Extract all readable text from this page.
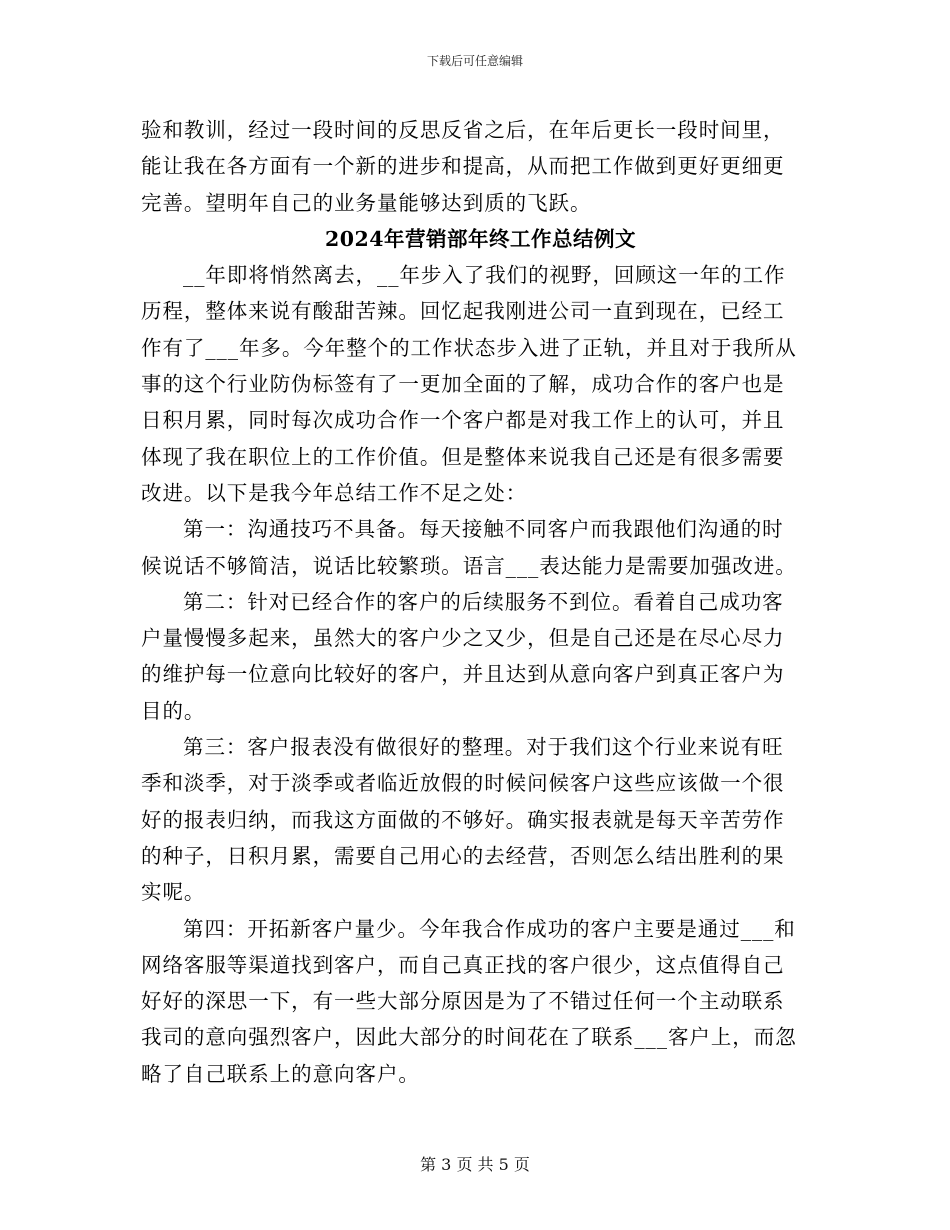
下载后可任意编辑
验和教训，经过一段时间的反思反省之后，在年后更长一段时间里，
能让我在各方面有一个新的进步和提高，从而把工作做到更好更细更
完善。望明年自己的业务量能够达到质的飞跃。
2024年营销部年终工作总结例文
__年即将悄然离去，__年步入了我们的视野，回顾这一年的工作
历程，整体来说有酸甜苦辣。回忆起我刚进公司一直到现在，已经工
作有了___年多。今年整个的工作状态步入进了正轨，并且对于我所从
事的这个行业防伪标签有了一更加全面的了解，成功合作的客户也是
日积月累，同时每次成功合作一个客户都是对我工作上的认可，并且
体现了我在职位上的工作价值。但是整体来说我自己还是有很多需要
改进。以下是我今年总结工作不足之处：
第一：沟通技巧不具备。每天接触不同客户而我跟他们沟通的时
候说话不够简洁，说话比较繁琐。语言___表达能力是需要加强改进。
第二：针对已经合作的客户的后续服务不到位。看着自己成功客
户量慢慢多起来，虽然大的客户少之又少，但是自己还是在尽心尽力
的维护每一位意向比较好的客户，并且达到从意向客户到真正客户为
目的。
第三：客户报表没有做很好的整理。对于我们这个行业来说有旺
季和淡季，对于淡季或者临近放假的时候问候客户这些应该做一个很
好的报表归纳，而我这方面做的不够好。确实报表就是每天辛苦劳作
的种子，日积月累，需要自己用心的去经营，否则怎么结出胜利的果
实呢。
第四：开拓新客户量少。今年我合作成功的客户主要是通过___和
网络客服等渠道找到客户，而自己真正找的客户很少，这点值得自己
好好的深思一下，有一些大部分原因是为了不错过任何一个主动联系
我司的意向强烈客户，因此大部分的时间花在了联系___客户上，而忽
略了自己联系上的意向客户。
第 3 页 共 5 页
